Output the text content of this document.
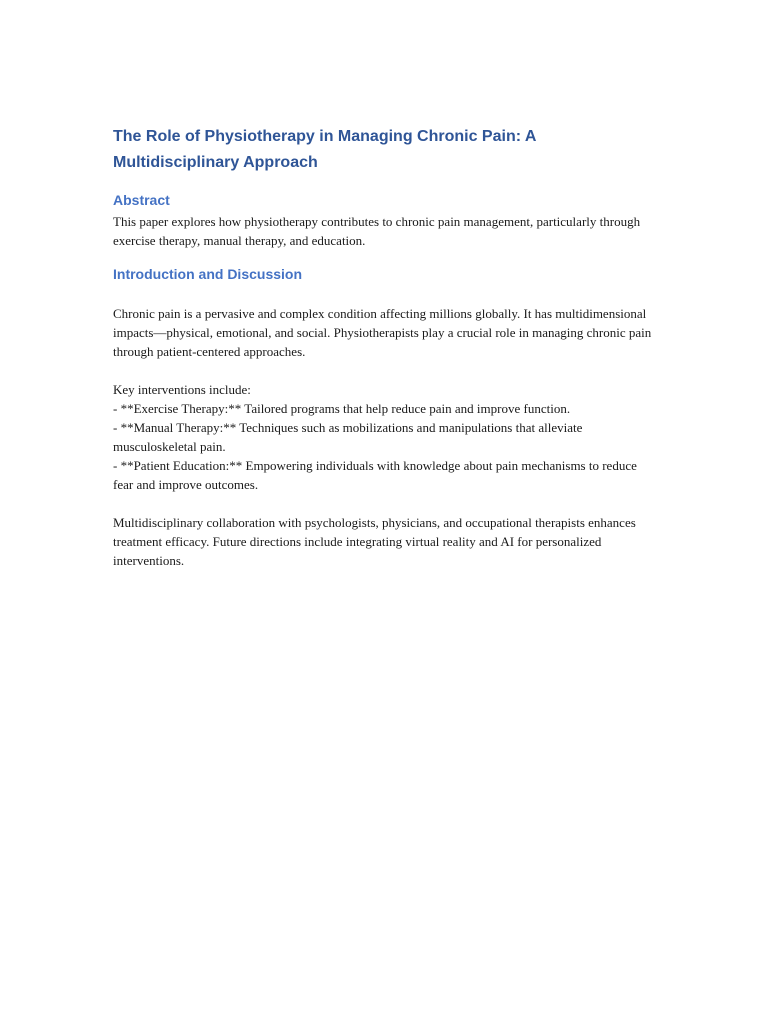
The Role of Physiotherapy in Managing Chronic Pain: A Multidisciplinary Approach
Abstract

This paper explores how physiotherapy contributes to chronic pain management, particularly through exercise therapy, manual therapy, and education.

Introduction and Discussion

Chronic pain is a pervasive and complex condition affecting millions globally. It has multidimensional impacts—physical, emotional, and social. Physiotherapists play a crucial role in managing chronic pain through patient-centered approaches.

Key interventions include:
- **Exercise Therapy:** Tailored programs that help reduce pain and improve function.
- **Manual Therapy:** Techniques such as mobilizations and manipulations that alleviate musculoskeletal pain.
- **Patient Education:** Empowering individuals with knowledge about pain mechanisms to reduce fear and improve outcomes.

Multidisciplinary collaboration with psychologists, physicians, and occupational therapists enhances treatment efficacy. Future directions include integrating virtual reality and AI for personalized interventions.
